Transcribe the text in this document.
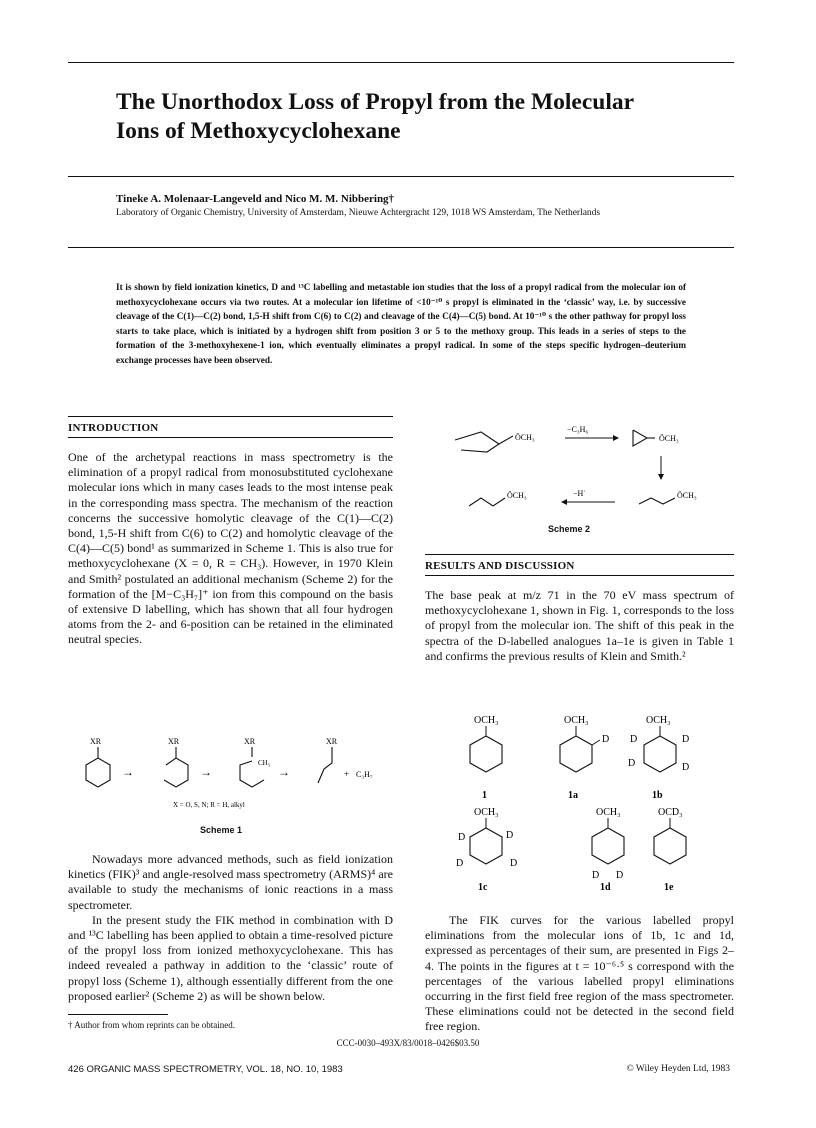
The Unorthodox Loss of Propyl from the Molecular Ions of Methoxycyclohexane
Tineke A. Molenaar-Langeveld and Nico M. M. Nibbering†
Laboratory of Organic Chemistry, University of Amsterdam, Nieuwe Achtergracht 129, 1018 WS Amsterdam, The Netherlands

It is shown by field ionization kinetics, D and ¹³C labelling and metastable ion studies that the loss of a propyl radical from the molecular ion of methoxycyclohexane occurs via two routes. At a molecular ion lifetime of <10⁻¹⁰ s propyl is eliminated in the ‘classic’ way, i.e. by successive cleavage of the C(1)—C(2) bond, 1,5-H shift from C(6) to C(2) and cleavage of the C(4)—C(5) bond. At 10⁻¹⁰ s the other pathway for propyl loss starts to take place, which is initiated by a hydrogen shift from position 3 or 5 to the methoxy group. This leads in a series of steps to the formation of the 3-methoxyhexene-1 ion, which eventually eliminates a propyl radical. In some of the steps specific hydrogen–deuterium exchange processes have been observed.

INTRODUCTION

One of the archetypal reactions in mass spectrometry is the elimination of a propyl radical from monosubstituted cyclohexane molecular ions which in many cases leads to the most intense peak in the corresponding mass spectra. The mechanism of the reaction concerns the successive homolytic cleavage of the C(1)—C(2) bond, 1,5-H shift from C(6) to C(2) and homolytic cleavage of the C(4)—C(5) bond¹ as summarized in Scheme 1. This is also true for methoxycyclohexane (X = 0, R = CH₃). However, in 1970 Klein and Smith² postulated an additional mechanism (Scheme 2) for the formation of the [M−C₃H₇]⁺ ion from this compound on the basis of extensive D labelling, which has shown that all four hydrogen atoms from the 2- and 6-position can be retained in the eliminated neutral species.

XR
→
XR
→
XR
CH₃
→
XR
+ C₃H₇
X = O, S, N; R = H, alkyl
Scheme 1

Nowadays more advanced methods, such as field ionization kinetics (FIK)³ and angle-resolved mass spectrometry (ARMS)⁴ are available to study the mechanisms of ionic reactions in a mass spectrometer.

In the present study the FIK method in combination with D and ¹³C labelling has been applied to obtain a time-resolved picture of the propyl loss from ionized methoxycyclohexane. This has indeed revealed a pathway in addition to the ‘classic’ route of propyl loss (Scheme 1), although essentially different from the one proposed earlier² (Scheme 2) as will be shown below.

† Author from whom reprints can be obtained.
ÖCH₃
−C₃H₆
ÖCH₃
ÖCH₃
−H˙
ÖCH₃
Scheme 2
RESULTS AND DISCUSSION

The base peak at m/z 71 in the 70 eV mass spectrum of methoxycyclohexane 1, shown in Fig. 1, corresponds to the loss of propyl from the molecular ion. The shift of this peak in the spectra of the D-labelled analogues 1a–1e is given in Table 1 and confirms the previous results of Klein and Smith.²

OCH₃
1
OCH₃
D
1a
OCH₃
D	D
D	D
1b
OCH₃
D	D
D	D
1c
OCH₃
D D
1d
OCD₃
1e

The FIK curves for the various labelled propyl eliminations from the molecular ions of 1b, 1c and 1d, expressed as percentages of their sum, are presented in Figs 2–4. The points in the figures at t = 10⁻⁶·⁵ s correspond with the percentages of the various labelled propyl eliminations occurring in the first field free region of the mass spectrometer. These eliminations could not be detected in the second field free region.

CCC-0030–493X/83/0018–0426$03.50
426 ORGANIC MASS SPECTROMETRY, VOL. 18, NO. 10, 1983	© Wiley Heyden Ltd, 1983
